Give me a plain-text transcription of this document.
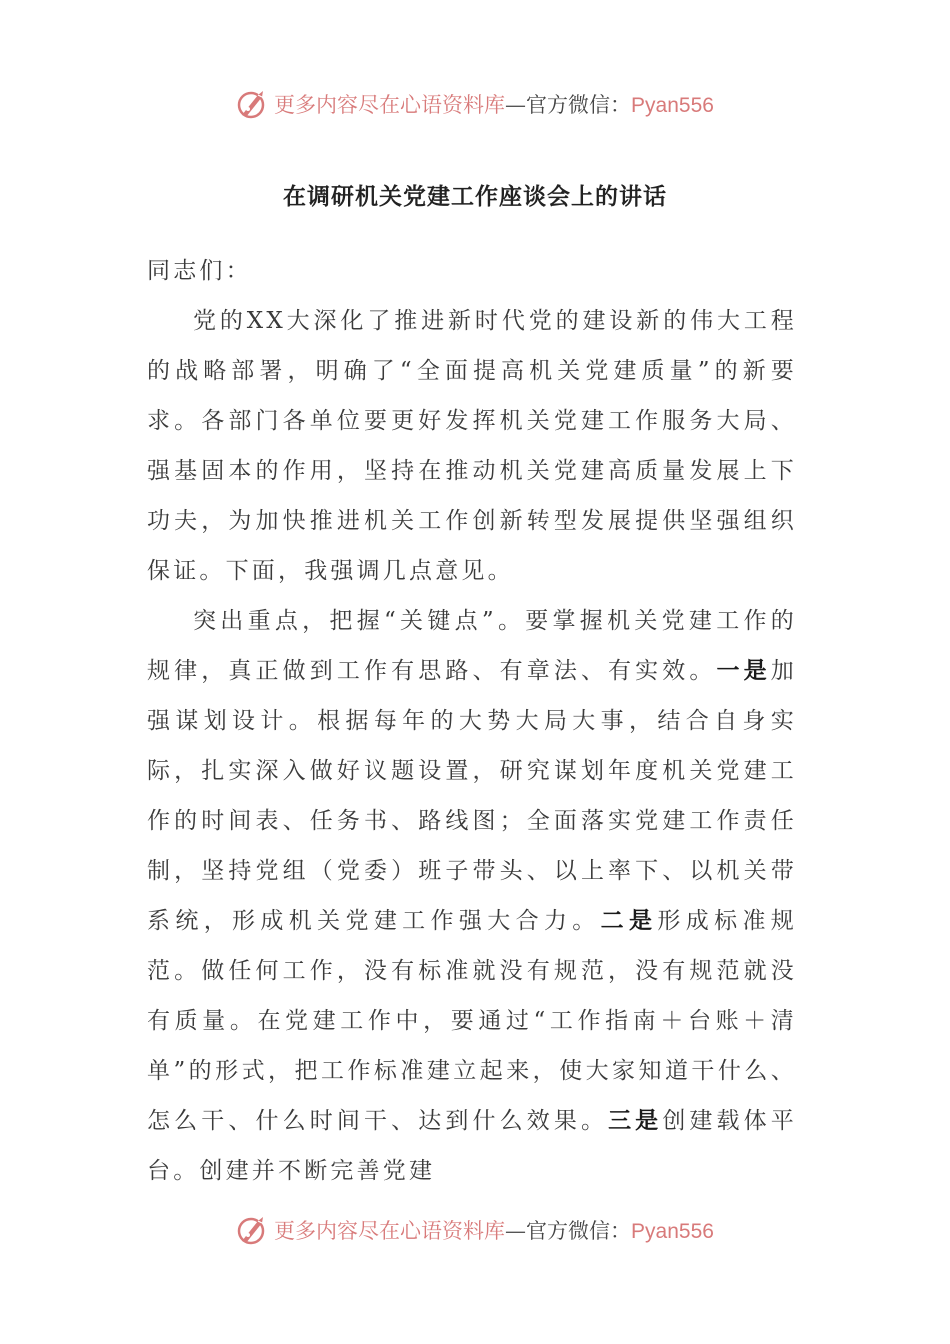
更多内容尽在心语资料库—官方微信：Pyan556
在调研机关党建工作座谈会上的讲话

同志们：

党的XX大深化了推进新时代党的建设新的伟大工程的战略部署，明确了“全面提高机关党建质量”的新要求。各部门各单位要更好发挥机关党建工作服务大局、强基固本的作用，坚持在推动机关党建高质量发展上下功夫，为加快推进机关工作创新转型发展提供坚强组织保证。下面，我强调几点意见。

突出重点，把握“关键点”。要掌握机关党建工作的规律，真正做到工作有思路、有章法、有实效。一是加强谋划设计。根据每年的大势大局大事，结合自身实际，扎实深入做好议题设置，研究谋划年度机关党建工作的时间表、任务书、路线图；全面落实党建工作责任制，坚持党组（党委）班子带头、以上率下、以机关带系统，形成机关党建工作强大合力。二是形成标准规范。做任何工作，没有标准就没有规范，没有规范就没有质量。在党建工作中，要通过“工作指南＋台账＋清单”的形式，把工作标准建立起来，使大家知道干什么、怎么干、什么时间干、达到什么效果。三是创建载体平台。创建并不断完善党建

更多内容尽在心语资料库—官方微信：Pyan556
